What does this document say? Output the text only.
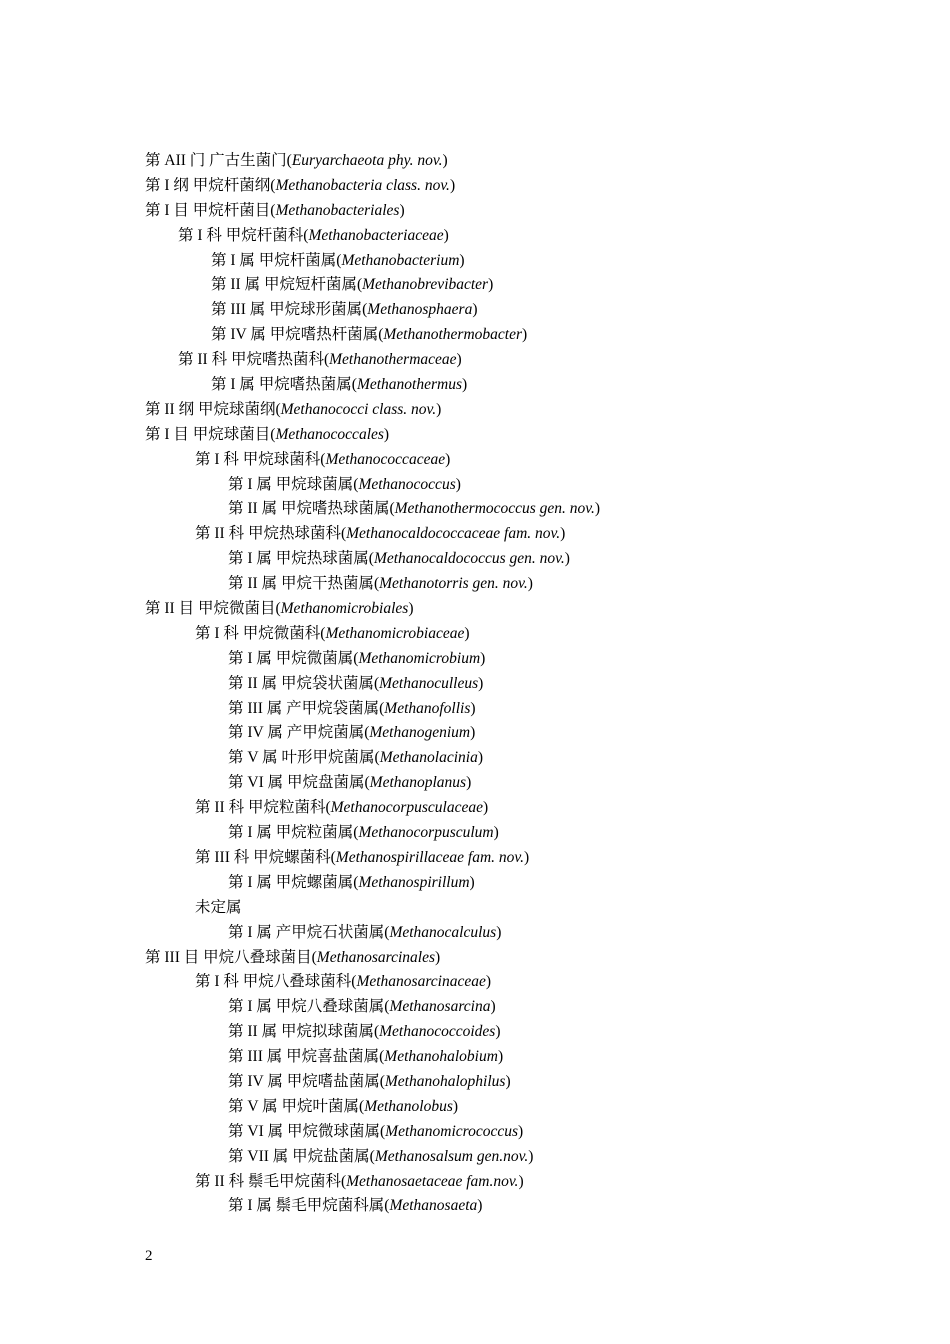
第 AII 门 广古生菌门(Euryarchaeota phy. nov.)
第 I 纲 甲烷杆菌纲(Methanobacteria class. nov.)
第 I 目 甲烷杆菌目(Methanobacteriales)
第 I 科 甲烷杆菌科(Methanobacteriaceae)
第 I 属 甲烷杆菌属(Methanobacterium)
第 II 属 甲烷短杆菌属(Methanobrevibacter)
第 III 属 甲烷球形菌属(Methanosphaera)
第 IV 属 甲烷嗜热杆菌属(Methanothermobacter)
第 II 科 甲烷嗜热菌科(Methanothermaceae)
第 I 属 甲烷嗜热菌属(Methanothermus)
第 II 纲 甲烷球菌纲(Methanococci class. nov.)
第 I 目 甲烷球菌目(Methanococcales)
第 I 科 甲烷球菌科(Methanococcaceae)
第 I 属 甲烷球菌属(Methanococcus)
第 II 属 甲烷嗜热球菌属(Methanothermococcus gen. nov.)
第 II 科 甲烷热球菌科(Methanocaldococcaceae fam. nov.)
第 I 属 甲烷热球菌属(Methanocaldococcus gen. nov.)
第 II 属 甲烷干热菌属(Methanotorris gen. nov.)
第 II 目 甲烷微菌目(Methanomicrobiales)
第 I 科 甲烷微菌科(Methanomicrobiaceae)
第 I 属 甲烷微菌属(Methanomicrobium)
第 II 属 甲烷袋状菌属(Methanoculleus)
第 III 属 产甲烷袋菌属(Methanofollis)
第 IV 属 产甲烷菌属(Methanogenium)
第 V 属 叶形甲烷菌属(Methanolacinia)
第 VI 属 甲烷盘菌属(Methanoplanus)
第 II 科 甲烷粒菌科(Methanocorpusculaceae)
第 I 属 甲烷粒菌属(Methanocorpusculum)
第 III 科 甲烷螺菌科(Methanospirillaceae fam. nov.)
第 I 属 甲烷螺菌属(Methanospirillum)
未定属
第 I 属 产甲烷石状菌属(Methanocalculus)
第 III 目 甲烷八叠球菌目(Methanosarcinales)
第 I 科 甲烷八叠球菌科(Methanosarcinaceae)
第 I 属 甲烷八叠球菌属(Methanosarcina)
第 II 属 甲烷拟球菌属(Methanococcoides)
第 III 属 甲烷喜盐菌属(Methanohalobium)
第 IV 属 甲烷嗜盐菌属(Methanohalophilus)
第 V 属 甲烷叶菌属(Methanolobus)
第 VI 属 甲烷微球菌属(Methanomicrococcus)
第 VII 属 甲烷盐菌属(Methanosalsum gen.nov.)
第 II 科 鬃毛甲烷菌科(Methanosaetaceae fam.nov.)
第 I 属 鬃毛甲烷菌科属(Methanosaeta)
2
